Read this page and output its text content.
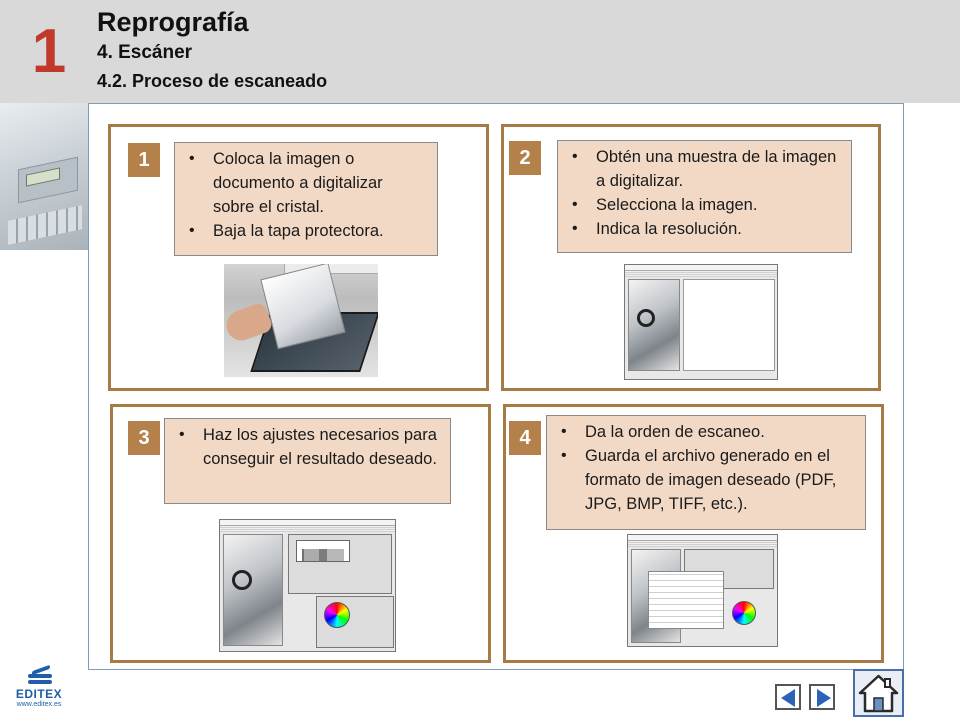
1 Reprografía
4. Escáner
4.2. Proceso de escaneado
1	• Coloca la imagen o documento a digitalizar sobre el cristal.
• Baja la tapa protectora.
2	• Obtén una muestra de la imagen a digitalizar.
• Selecciona la imagen.
• Indica la resolución.
3	• Haz los ajustes necesarios para conseguir el resultado deseado.
4	• Da la orden de escaneo.
• Guarda el archivo generado en el formato de imagen deseado (PDF, JPG, BMP, TIFF, etc.).
EDITEX
www.editex.es
